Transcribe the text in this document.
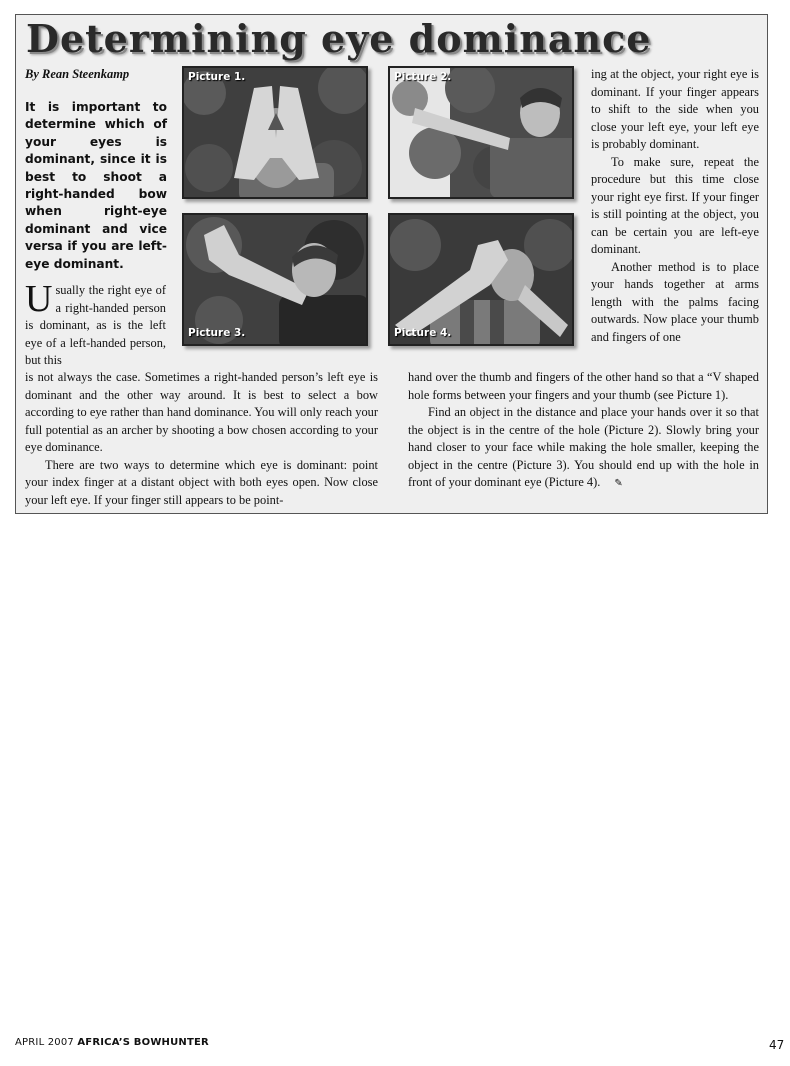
Determining eye dominance
By Rean Steenkamp

It is important to determine which of your eyes is dominant, since it is best to shoot a right-handed bow when right-eye dominant and vice versa if you are left-eye dominant.

Usually the right eye of a right-handed person is dominant, as is the left eye of a left-handed person, but this

is not always the case. Sometimes a right-handed person’s left eye is dominant and the other way around. It is best to select a bow according to eye rather than hand dominance. You will only reach your full potential as an archer by shooting a bow chosen according to your eye dominance.

There are two ways to determine which eye is dominant: point your index finger at a distant object with both eyes open. Now close your left eye. If your finger still appears to be point-

ing at the object, your right eye is dominant. If your finger appears to shift to the side when you close your left eye, your left eye is probably dominant.

To make sure, repeat the procedure but this time close your right eye first. If your finger is still pointing at the object, you can be certain you are left-eye dominant.

Another method is to place your hands together at arms length with the palms facing outwards. Now place your thumb and fingers of one

hand over the thumb and fingers of the other hand so that a “V shaped hole forms between your fingers and your thumb (see Picture 1).

Find an object in the distance and place your hands over it so that the object is in the centre of the hole (Picture 2). Slowly bring your hand closer to your face while making the hole smaller, keeping the object in the centre (Picture 3). You should end up with the hole in front of your dominant eye (Picture 4). ✎

Picture 1.	Picture 2.
Picture 3.	Picture 4.
APRIL 2007 AFRICA’S BOWHUNTER	47
